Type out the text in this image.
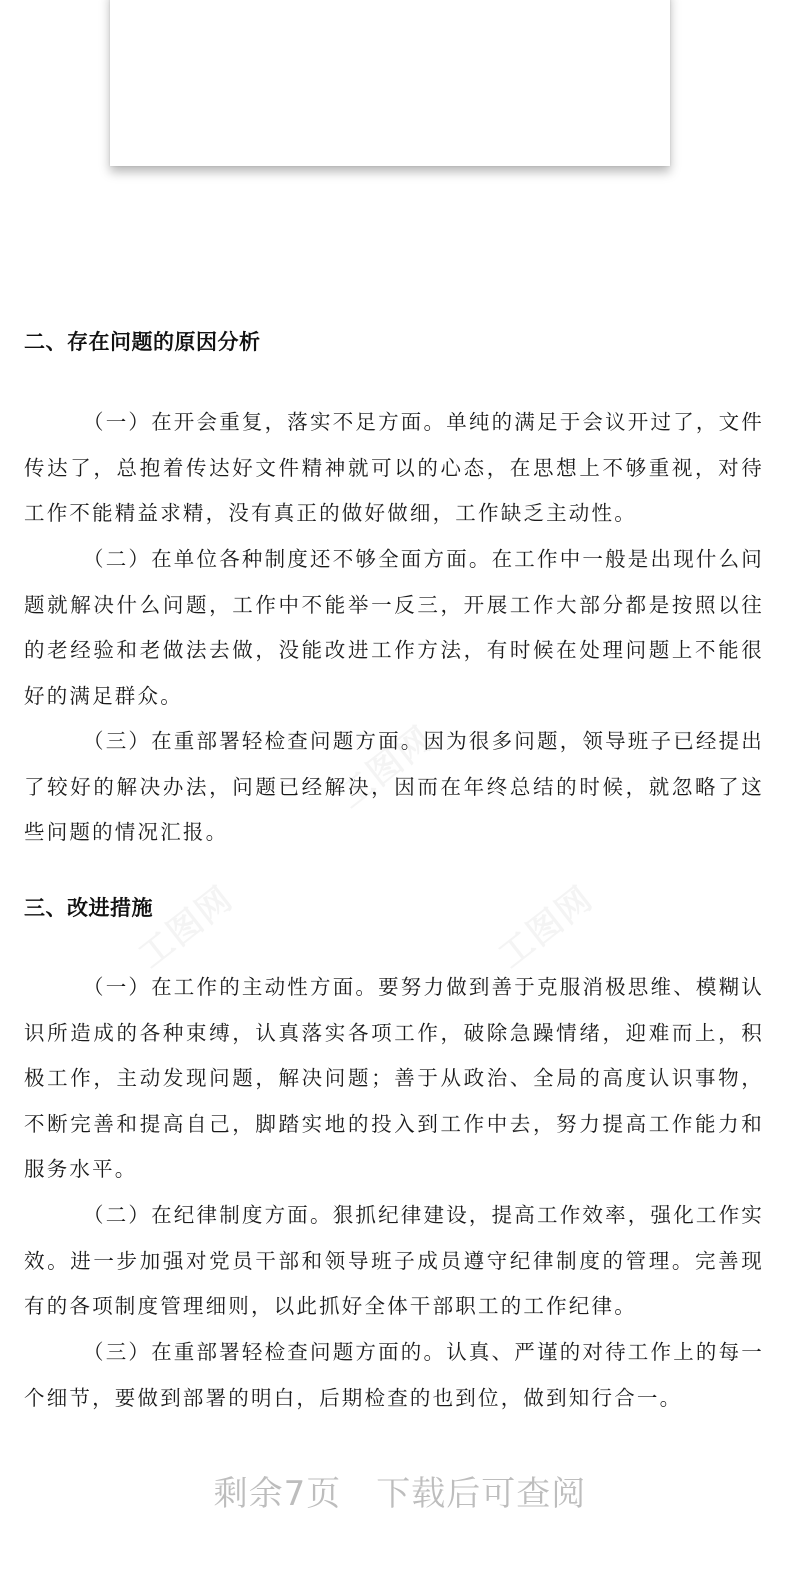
二、存在问题的原因分析

（一）在开会重复，落实不足方面。单纯的满足于会议开过了，文件传达了，总抱着传达好文件精神就可以的心态，在思想上不够重视，对待工作不能精益求精，没有真正的做好做细，工作缺乏主动性。

（二）在单位各种制度还不够全面方面。在工作中一般是出现什么问题就解决什么问题，工作中不能举一反三，开展工作大部分都是按照以往的老经验和老做法去做，没能改进工作方法，有时候在处理问题上不能很好的满足群众。

（三）在重部署轻检查问题方面。因为很多问题，领导班子已经提出了较好的解决办法，问题已经解决，因而在年终总结的时候，就忽略了这些问题的情况汇报。

三、改进措施

（一）在工作的主动性方面。要努力做到善于克服消极思维、模糊认识所造成的各种束缚，认真落实各项工作，破除急躁情绪，迎难而上，积极工作，主动发现问题，解决问题；善于从政治、全局的高度认识事物，不断完善和提高自己，脚踏实地的投入到工作中去，努力提高工作能力和服务水平。

（二）在纪律制度方面。狠抓纪律建设，提高工作效率，强化工作实效。进一步加强对党员干部和领导班子成员遵守纪律制度的管理。完善现有的各项制度管理细则，以此抓好全体干部职工的工作纪律。

（三）在重部署轻检查问题方面的。认真、严谨的对待工作上的每一个细节，要做到部署的明白，后期检查的也到位，做到知行合一。

剩余7页　下载后可查阅
